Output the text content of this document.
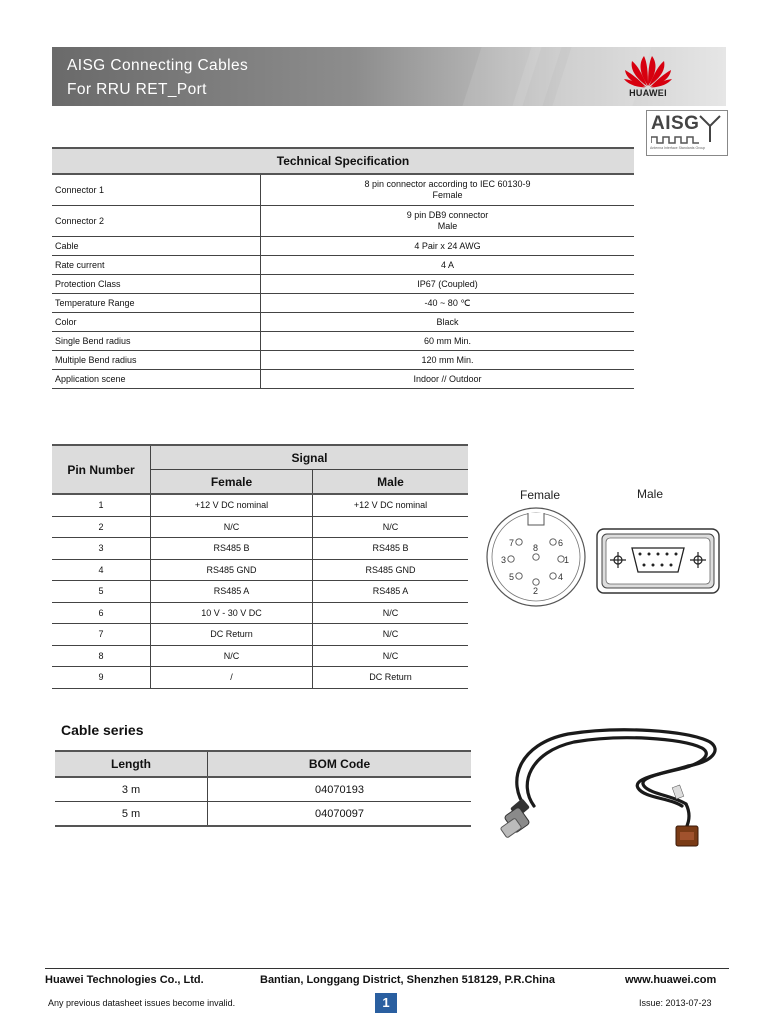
AISG Connecting Cables
For RRU RET_Port	HUAWEI
AISG
Antenna Interface Standards Group
Technical Specification	
Connector 1	8 pin connector according to IEC 60130-9
Female
Connector 2	9 pin DB9 connector
Male
Cable	4 Pair x 24 AWG
Rate current	4 A
Protection Class	IP67 (Coupled)
Temperature Range	-40 ~ 80 ℃
Color	Black
Single Bend radius	60 mm Min.
Multiple Bend radius	120 mm Min.
Application scene	Indoor // Outdoor
Pin Number	Signal	
	Female	Male
1	+12 V DC nominal	+12 V DC nominal
2	N/C	N/C
3	RS485 B	RS485 B
4	RS485 GND	RS485 GND
5	RS485 A	RS485 A
6	10 V - 30 V DC	N/C
7	DC Return	N/C
8	N/C	N/C
9	/	DC Return
Female	Male
1
2
3
4
5
6
7 8
Cable series
Length	BOM Code
3 m	04070193
5 m	04070097
Huawei Technologies Co., Ltd.	Bantian, Longgang District, Shenzhen 518129, P.R.China	www.huawei.com
Any previous datasheet issues become invalid.	1	Issue: 2013-07-23
